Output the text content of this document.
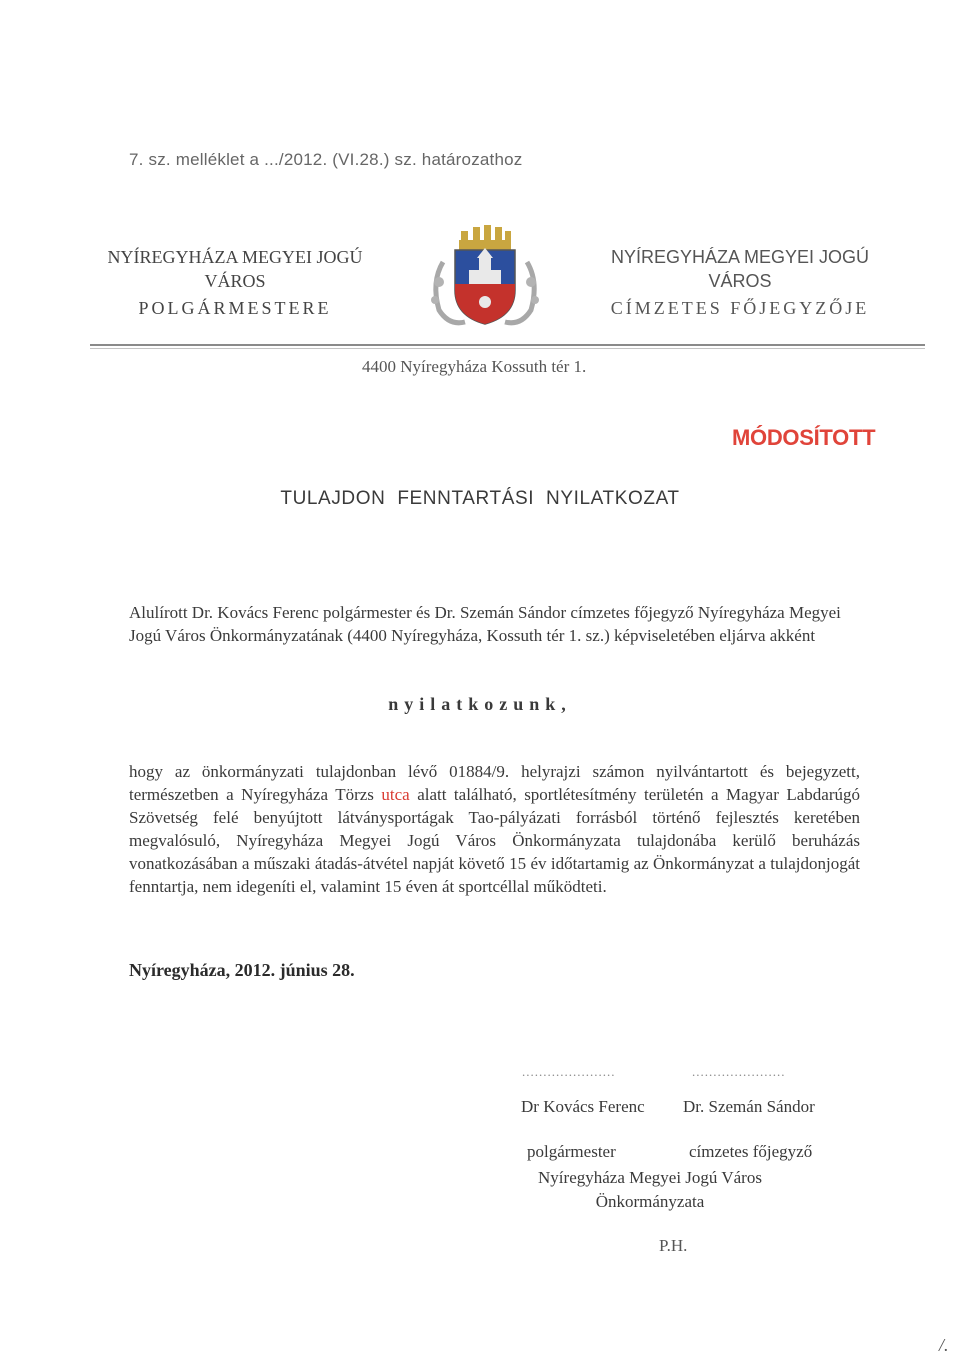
7. sz. melléklet a .../2012. (VI.28.) sz. határozathoz
NYÍREGYHÁZA MEGYEI JOGÚ
VÁROS
POLGÁRMESTERE
NYÍREGYHÁZA MEGYEI JOGÚ
VÁROS
CÍMZETES FŐJEGYZŐJE
4400 Nyíregyháza Kossuth tér 1.
MÓDOSÍTOTT
TULAJDON FENNTARTÁSI NYILATKOZAT
Alulírott Dr. Kovács Ferenc polgármester és Dr. Szemán Sándor címzetes főjegyző Nyíregyháza Megyei Jogú Város Önkormányzatának (4400 Nyíregyháza, Kossuth tér 1. sz.) képviseletében eljárva akként
nyilatkozunk,
hogy az önkormányzati tulajdonban lévő 01884/9. helyrajzi számon nyilvántartott és bejegyzett, természetben a Nyíregyháza Törzs utca alatt található, sportlétesítmény területén a Magyar Labdarúgó Szövetség felé benyújtott látványsportágak Tao-pályázati forrásból történő fejlesztés keretében megvalósuló, Nyíregyháza Megyei Jogú Város Önkormányzata tulajdonába kerülő beruházás vonatkozásában a műszaki átadás-átvétel napját követő 15 év időtartamig az Önkormányzat a tulajdonjogát fenntartja, nem idegeníti el, valamint 15 éven át sportcéllal működteti.
Nyíregyháza, 2012. június 28.
......................	......................
Dr Kovács Ferenc Dr. Szemán Sándor
polgármester	címzetes főjegyző
Nyíregyháza Megyei Jogú Város
Önkormányzata
P.H.
/.
